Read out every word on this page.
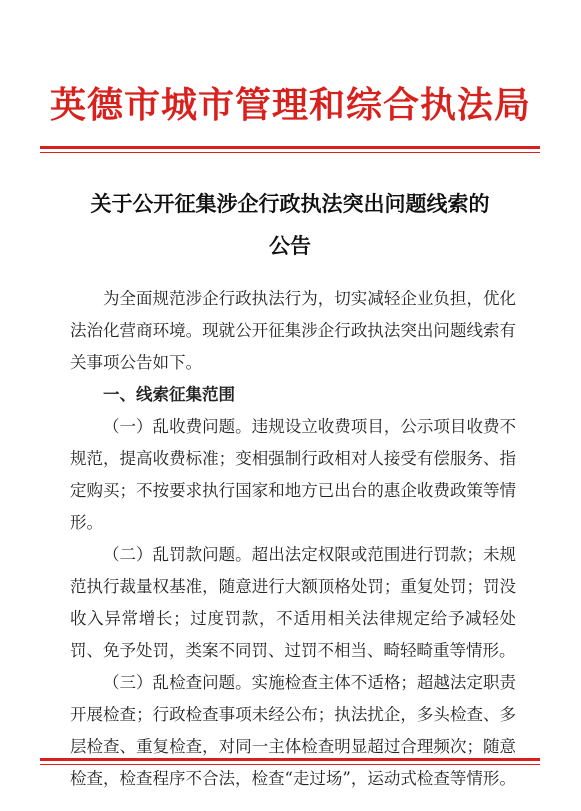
英德市城市管理和综合执法局
关于公开征集涉企行政执法突出问题线索的
公告

为全面规范涉企行政执法行为，切实减轻企业负担，优化法治化营商环境。现就公开征集涉企行政执法突出问题线索有关事项公告如下。

一、线索征集范围

（一）乱收费问题。违规设立收费项目，公示项目收费不规范，提高收费标准；变相强制行政相对人接受有偿服务、指定购买；不按要求执行国家和地方已出台的惠企收费政策等情形。

（二）乱罚款问题。超出法定权限或范围进行罚款；未规范执行裁量权基准，随意进行大额顶格处罚；重复处罚；罚没收入异常增长；过度罚款，不适用相关法律规定给予减轻处罚、免予处罚，类案不同罚、过罚不相当、畸轻畸重等情形。

（三）乱检查问题。实施检查主体不适格；超越法定职责开展检查；行政检查事项未经公布；执法扰企，多头检查、多层检查、重复检查，对同一主体检查明显超过合理频次；随意检查，检查程序不合法，检查“走过场”，运动式检查等情形。
